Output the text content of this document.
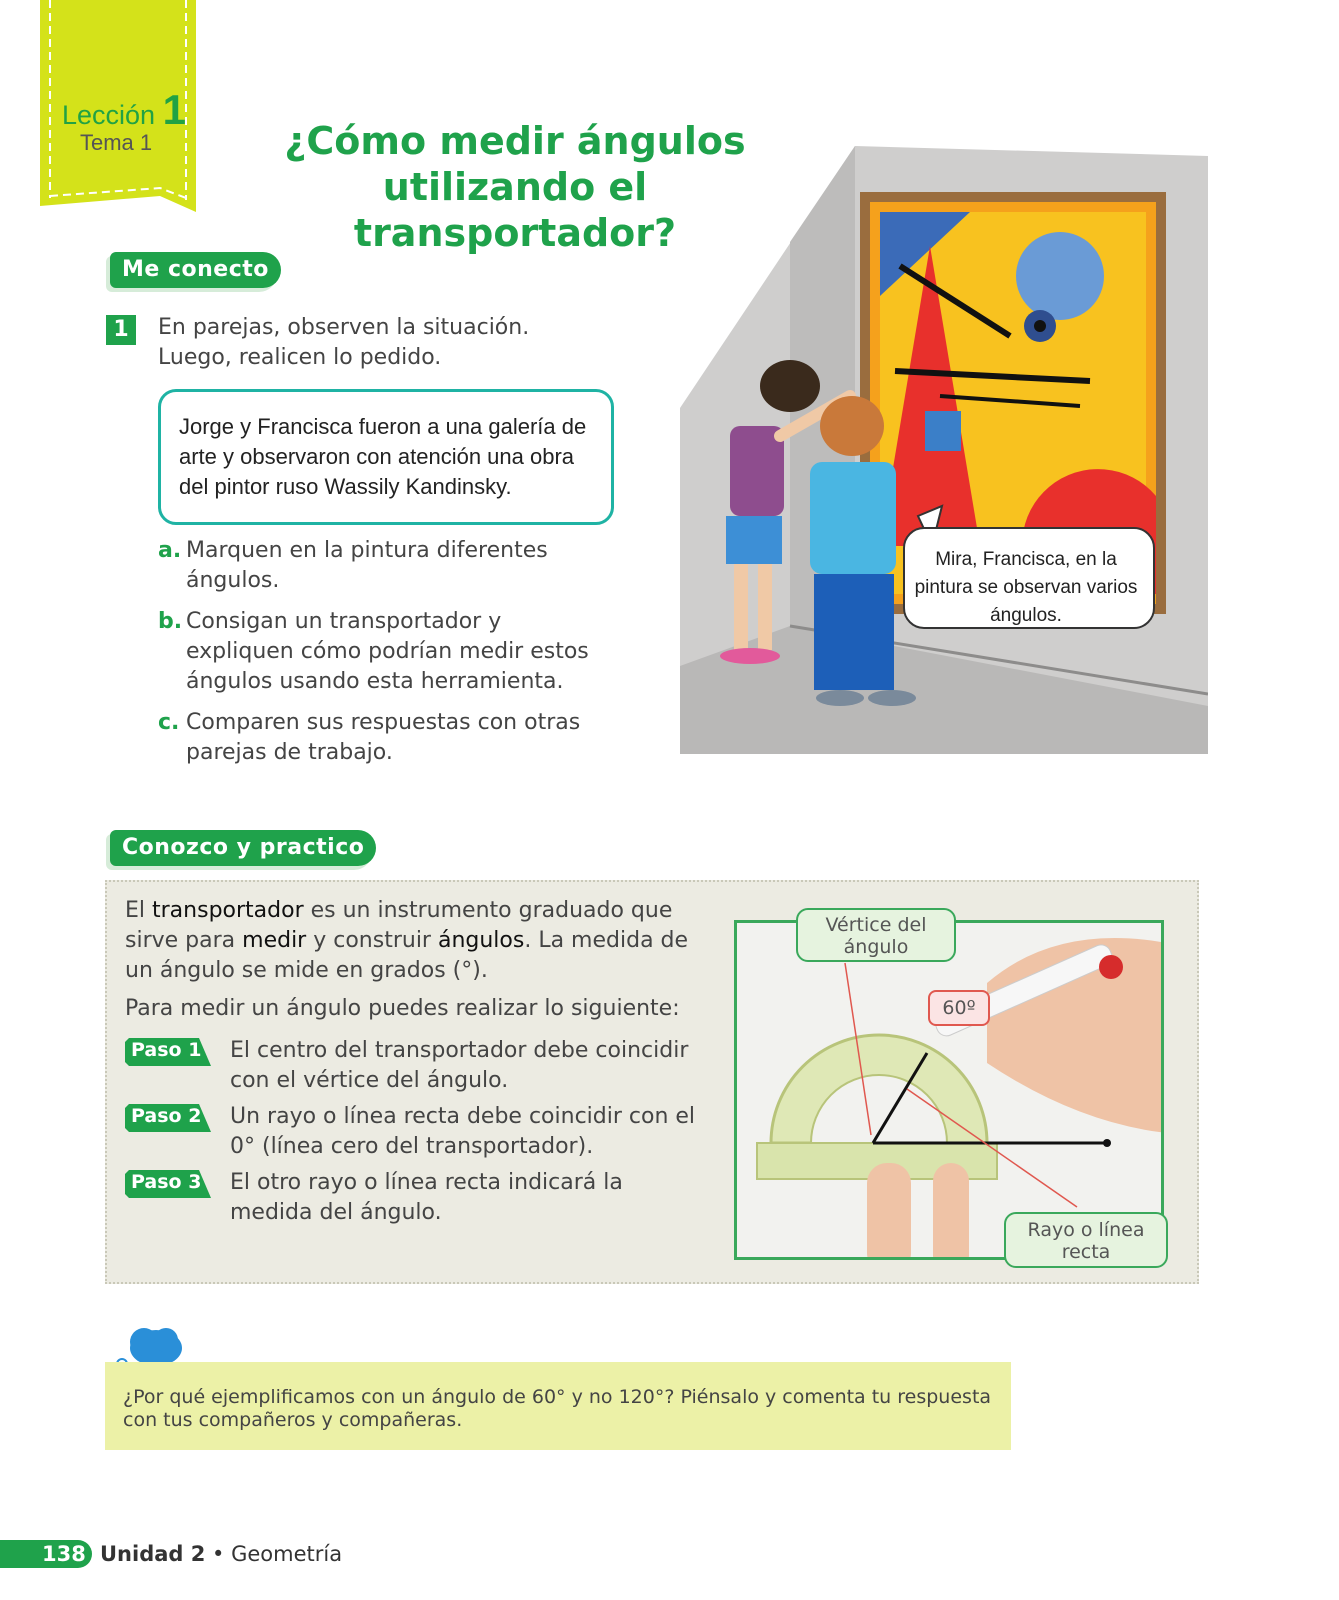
Lección 1
Tema 1	¿Cómo medir ángulos
utilizando el transportador?
Me conecto
1	En parejas, observen la situación.
Luego, realicen lo pedido.
Jorge y Francisca fueron a una galería de arte y observaron con atención una obra del pintor ruso Wassily Kandinsky.
a. Marquen en la pintura diferentes ángulos.
b. Consigan un transportador y expliquen cómo podrían medir estos ángulos usando esta herramienta.
c. Comparen sus respuestas con otras parejas de trabajo.
Mira, Francisca, en la pintura se observan varios ángulos.
Conozco y practico
El transportador es un instrumento graduado que sirve para medir y construir ángulos. La medida de un ángulo se mide en grados (°).
Para medir un ángulo puedes realizar lo siguiente:
Paso 1 El centro del transportador debe coincidir con el vértice del ángulo.
Paso 2 Un rayo o línea recta debe coincidir con el 0° (línea cero del transportador).
Paso 3 El otro rayo o línea recta indicará la medida del ángulo.
Vértice del ángulo
60º
Rayo o línea recta
¿Por qué ejemplificamos con un ángulo de 60° y no 120°? Piénsalo y comenta tu respuesta con tus compañeros y compañeras.
138 Unidad 2 • Geometría
